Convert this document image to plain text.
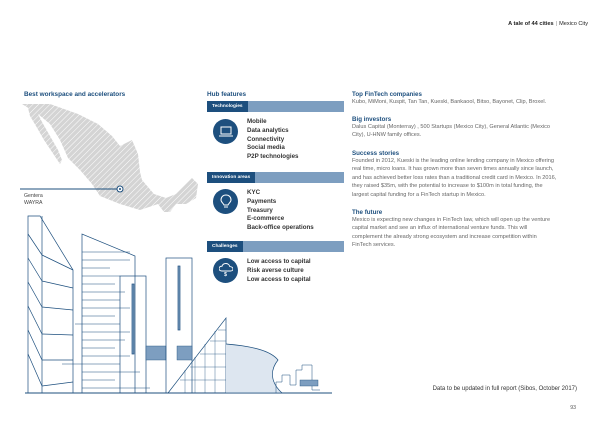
A tale of 44 cities | Mexico City
Best workspace and accelerators
Gentera
WAYRA
Hub features
Technologies
Mobile
Data analytics
Connectivity
Social media
P2P technologies
Innovation areas
KYC
Payments
Treasury
E-commerce
Back-office operations
Challenges
$
Low access to capital
Risk averse culture
Low access to capital
Top FinTech companies
Kubo, MiMoni, Kuspit, Tan Tan, Kueski, Bankaool, Bitso, Bayonet, Clip, Broxel.
Big investors
Dalus Capital (Monterray) , 500 Startups (Mexico City), General Atlantic (Mexico
City), U-HNW family offices.
Success stories
Founded in 2012, Kueski is the leading online lending company in Mexico offering
real time, micro loans. It has grown more than seven times annually since launch,
and has achieved better loss rates than a traditional credit card in Mexico. In 2016,
they raised $35m, with the potential to increase to $100m in total funding, the
largest capital funding for a FinTech startup in Mexico.
The future
Mexico is expecting new changes in FinTech law, which will open up the venture
capital market and see an influx of international venture funds. This will
complement the already strong ecosystem and increase competition within
FinTech services.
Data to be updated in full report (Sibos, October 2017)
93
